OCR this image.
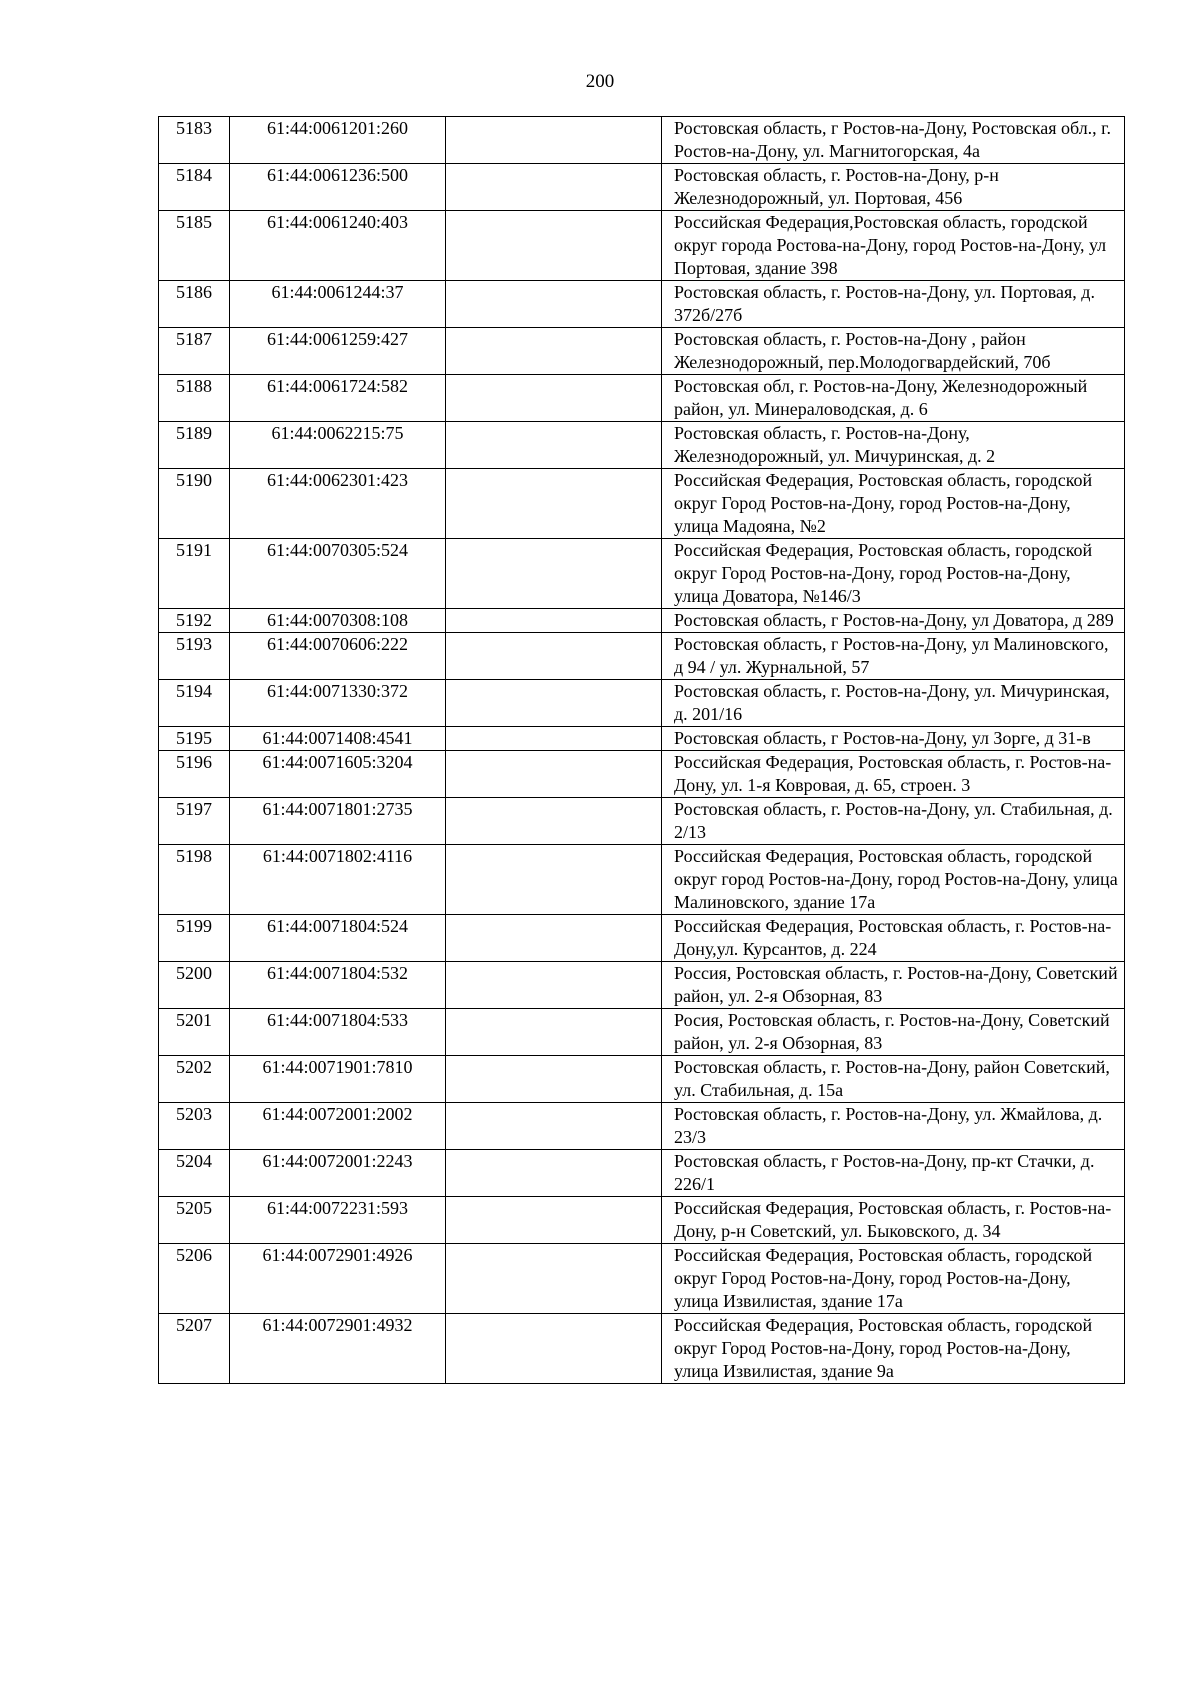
200
5183	61:44:0061201:260		Ростовская область, г Ростов-на-Дону, Ростовская обл., г. Ростов-на-Дону, ул. Магнитогорская, 4а
5184	61:44:0061236:500		Ростовская область, г. Ростов-на-Дону, р-н Железнодорожный, ул. Портовая, 456
5185	61:44:0061240:403		Российская Федерация,Ростовская область, городской округ города Ростова-на-Дону, город Ростов-на-Дону, ул Портовая, здание 398
5186	61:44:0061244:37		Ростовская область, г. Ростов-на-Дону, ул. Портовая, д. 372б/27б
5187	61:44:0061259:427		Ростовская область, г. Ростов-на-Дону , район Железнодорожный, пер.Молодогвардейский, 70б
5188	61:44:0061724:582		Ростовская обл, г. Ростов-на-Дону, Железнодорожный район, ул. Минераловодская, д. 6
5189	61:44:0062215:75		Ростовская область, г. Ростов-на-Дону, Железнодорожный, ул. Мичуринская, д. 2
5190	61:44:0062301:423		Российская Федерация, Ростовская область, городской округ Город Ростов-на-Дону, город Ростов-на-Дону, улица Мадояна, №2
5191	61:44:0070305:524		Российская Федерация, Ростовская область, городской округ Город Ростов-на-Дону, город Ростов-на-Дону, улица Доватора, №146/3
5192	61:44:0070308:108		Ростовская область, г Ростов-на-Дону, ул Доватора, д 289
5193	61:44:0070606:222		Ростовская область, г Ростов-на-Дону, ул Малиновского, д 94 / ул. Журнальной, 57
5194	61:44:0071330:372		Ростовская область, г. Ростов-на-Дону, ул. Мичуринская, д. 201/16
5195	61:44:0071408:4541		Ростовская область, г Ростов-на-Дону, ул Зорге, д 31-в
5196	61:44:0071605:3204		Российская Федерация, Ростовская область, г. Ростов-на-Дону, ул. 1-я Ковровая, д. 65, строен. 3
5197	61:44:0071801:2735		Ростовская область, г. Ростов-на-Дону, ул. Стабильная, д. 2/13
5198	61:44:0071802:4116		Российская Федерация, Ростовская область, городской округ город Ростов-на-Дону, город Ростов-на-Дону, улица Малиновского, здание 17а
5199	61:44:0071804:524		Российская Федерация, Ростовская область, г. Ростов-на-Дону,ул. Курсантов, д. 224
5200	61:44:0071804:532		Россия, Ростовская область, г. Ростов-на-Дону, Советский район, ул. 2-я Обзорная, 83
5201	61:44:0071804:533		Росия, Ростовская область, г. Ростов-на-Дону, Советский район, ул. 2-я Обзорная, 83
5202	61:44:0071901:7810		Ростовская область, г. Ростов-на-Дону, район Советский, ул. Стабильная, д. 15а
5203	61:44:0072001:2002		Ростовская область, г. Ростов-на-Дону, ул. Жмайлова, д. 23/3
5204	61:44:0072001:2243		Ростовская область, г Ростов-на-Дону, пр-кт Стачки, д. 226/1
5205	61:44:0072231:593		Российская Федерация, Ростовская область, г. Ростов-на-Дону, р-н Советский, ул. Быковского, д. 34
5206	61:44:0072901:4926		Российская Федерация, Ростовская область, городской округ Город Ростов-на-Дону, город Ростов-на-Дону, улица Извилистая, здание 17а
5207	61:44:0072901:4932		Российская Федерация, Ростовская область, городской округ Город Ростов-на-Дону, город Ростов-на-Дону, улица Извилистая, здание 9а
